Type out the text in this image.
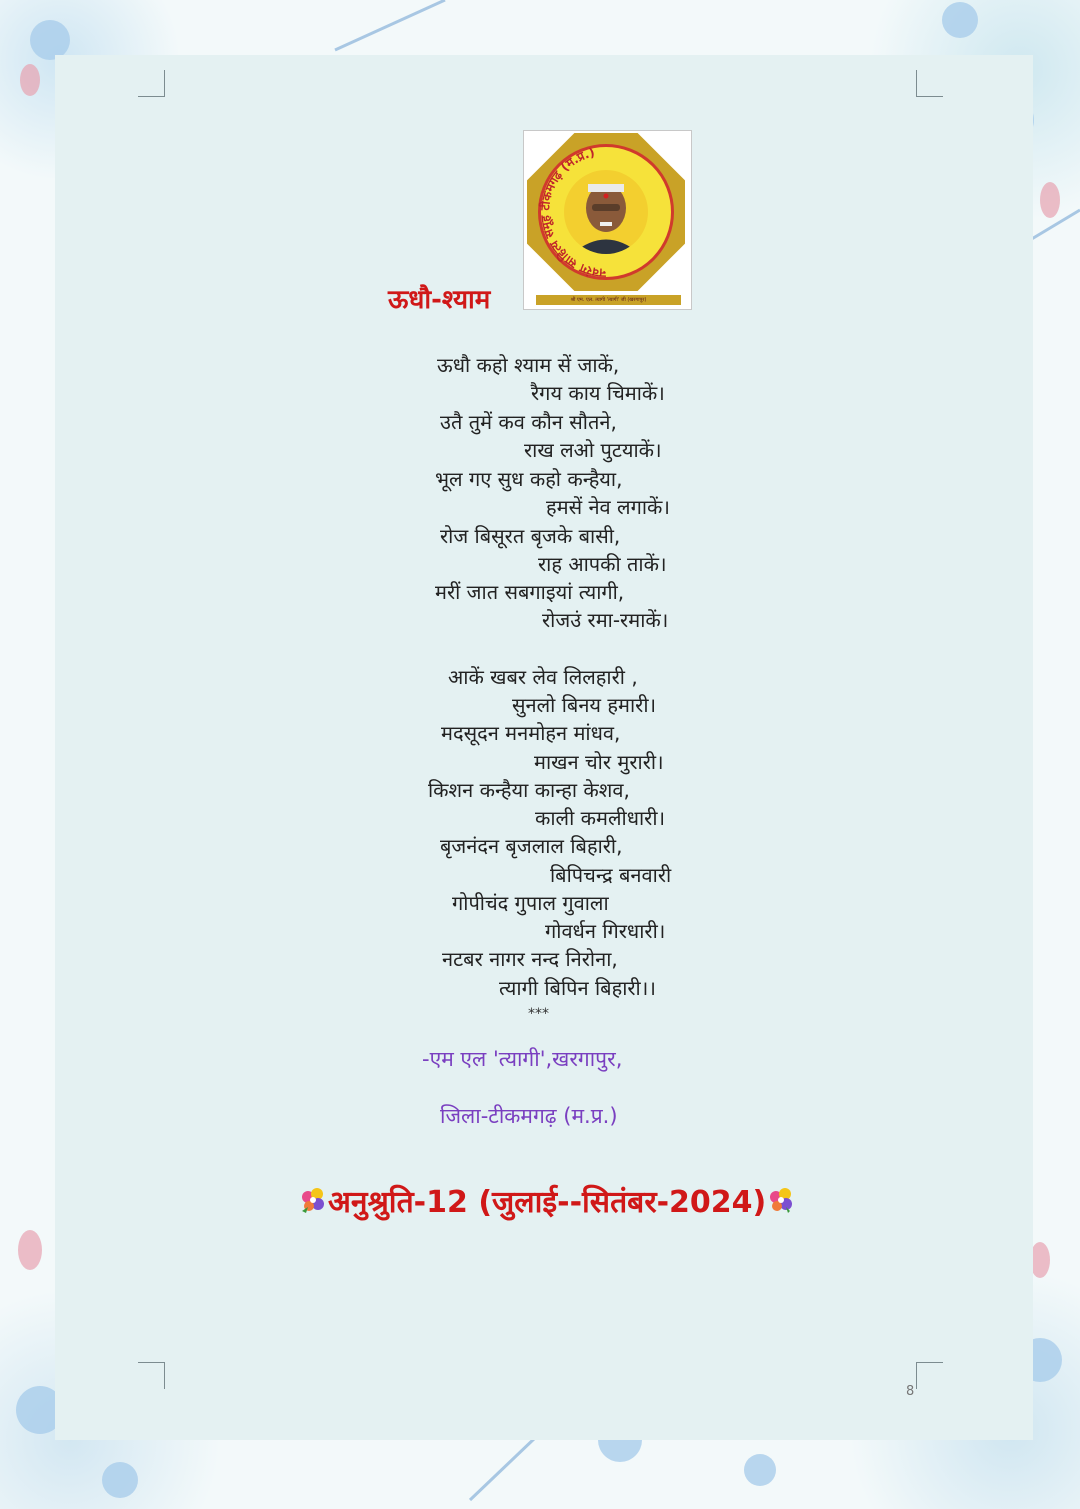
नवरंग साहित्य समूह टीकमगढ़ (म.प्र.)
श्री एम. एल. त्यागी 'त्यागी' जी (खरगापुर)
ऊधौ-श्याम
ऊधौ कहो श्याम सें जाकें,
रैगय काय चिमाकें।
उतै तुमें कव कौन सौतने,
राख लओ पुटयाकें।
भूल गए सुध कहो कन्हैया,
हमसें नेव लगाकें।
रोज बिसूरत बृजके बासी,
राह आपकी ताकें।
मरीं जात सबगाइयां त्यागी,
रोजउं रमा-रमाकें।
आकें खबर लेव लिलहारी ,
सुनलो बिनय हमारी।
मदसूदन मनमोहन मांधव,
माखन चोर मुरारी।
किशन कन्हैया कान्हा केशव,
काली कमलीधारी।
बृजनंदन बृजलाल बिहारी,
बिपिचन्द्र बनवारी
गोपीचंद गुपाल गुवाला
गोवर्धन गिरधारी।
नटबर नागर नन्द निरोना,
त्यागी बिपिन बिहारी।।
***
-एम एल 'त्यागी',खरगापुर,
जिला-टीकमगढ़ (म.प्र.)
अनुश्रुति-12 (जुलाई--सितंबर-2024)
8
